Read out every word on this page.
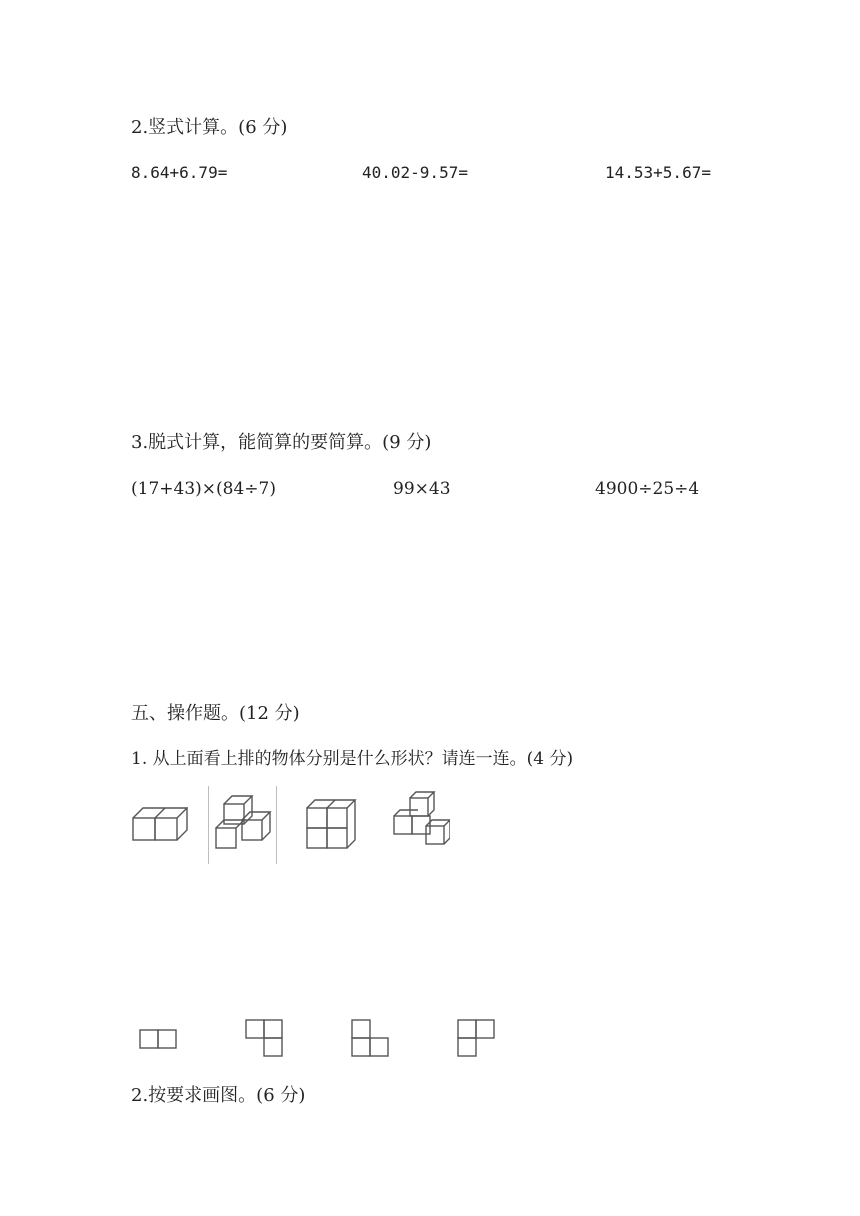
2.竖式计算。(6 分)
8.64+6.79=	40.02-9.57=	14.53+5.67=
3.脱式计算，能简算的要简算。(9 分)
(17+43)×(84÷7)	99×43	4900÷25÷4
五、操作题。(12 分)
1. 从上面看上排的物体分别是什么形状？请连一连。(4 分)
2.按要求画图。(6 分)
